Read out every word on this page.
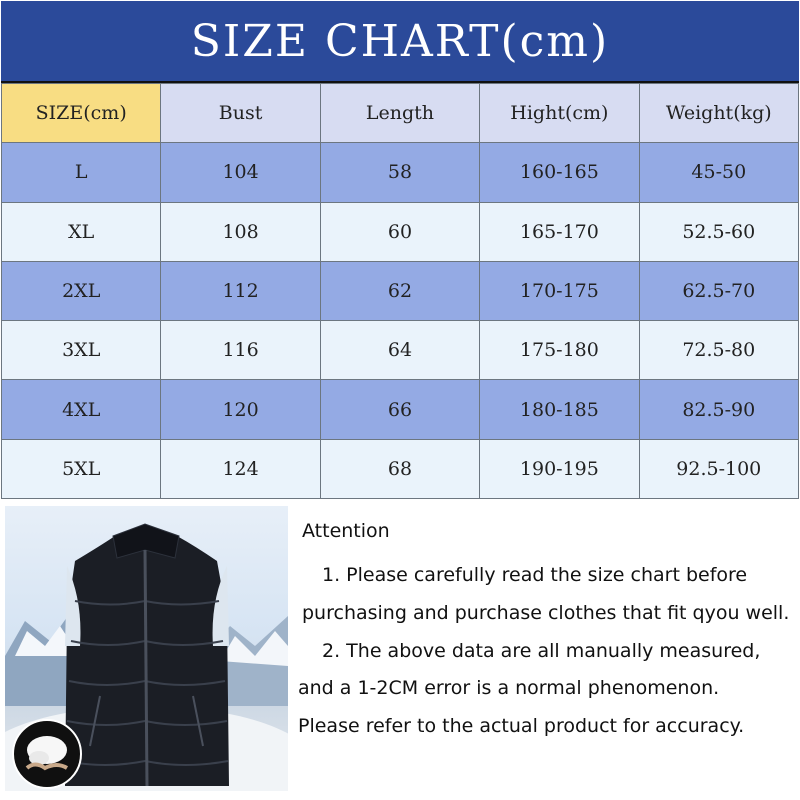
SIZE CHART(cm)
SIZE(cm)	Bust	Length	Hight(cm)	Weight(kg)
L	104	58	160-165	45-50
XL	108	60	165-170	52.5-60
2XL	112	62	170-175	62.5-70
3XL	116	64	175-180	72.5-80
4XL	120	66	180-185	82.5-90
5XL	124	68	190-195	92.5-100
Attention
1. Please carefully read the size chart before
purchasing and purchase clothes that fit qyou well.
2. The above data are all manually measured,
and a 1-2CM error is a normal phenomenon.
Please refer to the actual product for accuracy.
